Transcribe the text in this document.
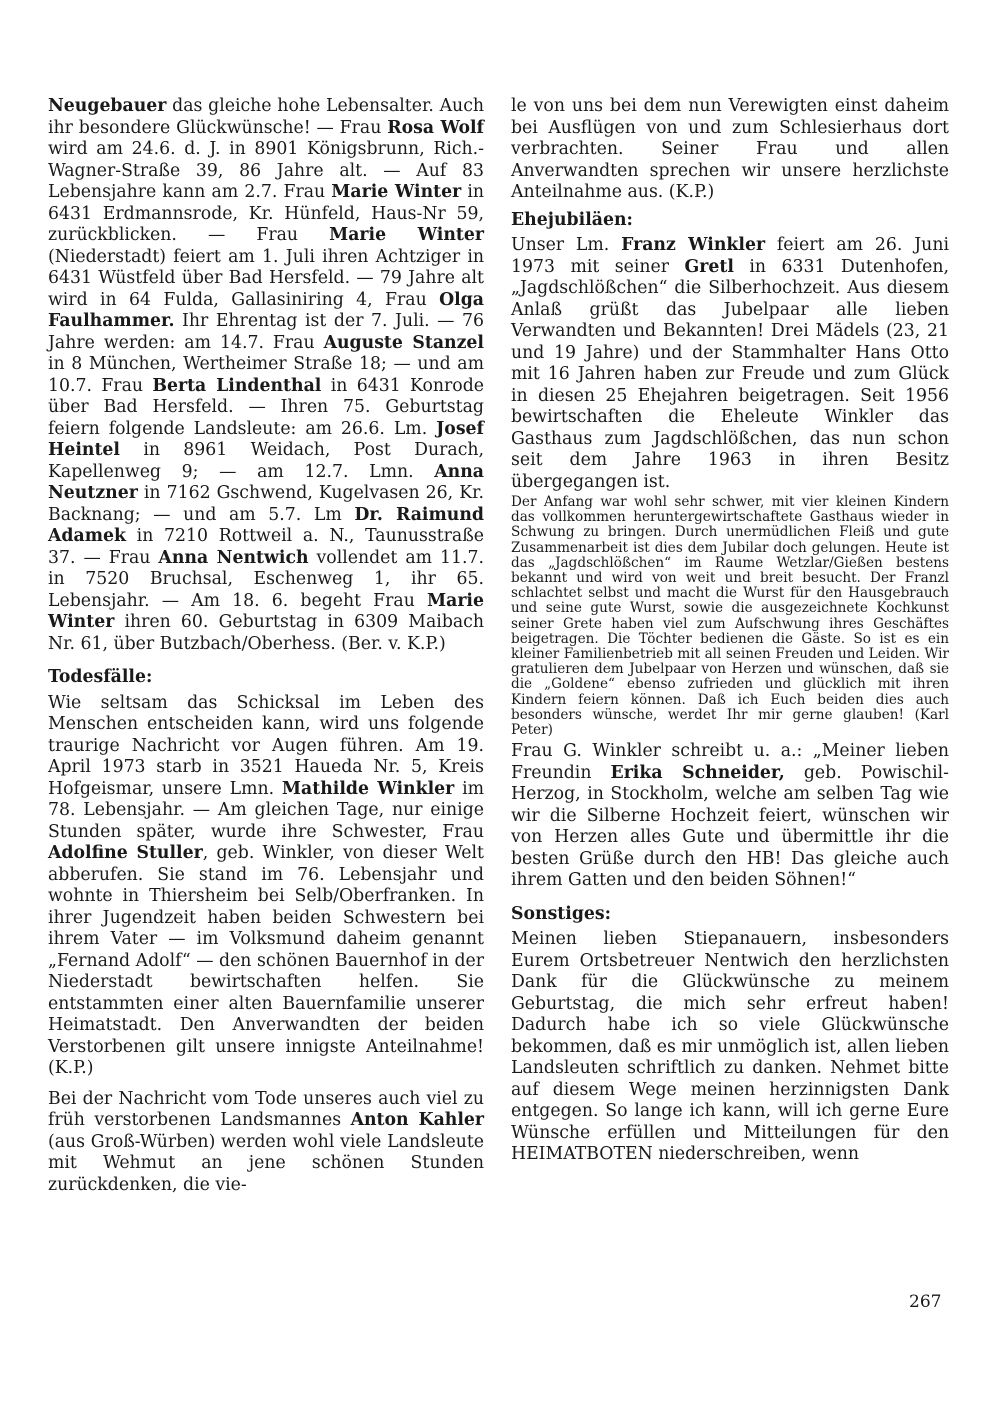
Neugebauer das gleiche hohe Lebensalter. Auch ihr besondere Glückwünsche! — Frau Rosa Wolf wird am 24.6. d. J. in 8901 Königsbrunn, Rich.-Wagner-Straße 39, 86 Jahre alt. — Auf 83 Lebensjahre kann am 2.7. Frau Marie Winter in 6431 Erdmannsrode, Kr. Hünfeld, Haus-Nr 59, zurückblicken. — Frau Marie Winter (Niederstadt) feiert am 1. Juli ihren Achtziger in 6431 Wüstfeld über Bad Hersfeld. — 79 Jahre alt wird in 64 Fulda, Gallasiniring 4, Frau Olga Faulhammer. Ihr Ehrentag ist der 7. Juli. — 76 Jahre werden: am 14.7. Frau Auguste Stanzel in 8 München, Wertheimer Straße 18; — und am 10.7. Frau Berta Lindenthal in 6431 Konrode über Bad Hersfeld. — Ihren 75. Geburtstag feiern folgende Landsleute: am 26.6. Lm. Josef Heintel in 8961 Weidach, Post Durach, Kapellenweg 9; — am 12.7. Lmn. Anna Neutzner in 7162 Gschwend, Kugelvasen 26, Kr. Backnang; — und am 5.7. Lm Dr. Raimund Adamek in 7210 Rottweil a. N., Taunusstraße 37. — Frau Anna Nentwich vollendet am 11.7. in 7520 Bruchsal, Eschenweg 1, ihr 65. Lebensjahr. — Am 18. 6. begeht Frau Marie Winter ihren 60. Geburtstag in 6309 Maibach Nr. 61, über Butzbach/Oberhess. (Ber. v. K.P.)

Todesfälle:

Wie seltsam das Schicksal im Leben des Menschen entscheiden kann, wird uns folgende traurige Nachricht vor Augen führen. Am 19. April 1973 starb in 3521 Haueda Nr. 5, Kreis Hofgeismar, unsere Lmn. Mathilde Winkler im 78. Lebensjahr. — Am gleichen Tage, nur einige Stunden später, wurde ihre Schwester, Frau Adolfine Stuller, geb. Winkler, von dieser Welt abberufen. Sie stand im 76. Lebensjahr und wohnte in Thiersheim bei Selb/Oberfranken. In ihrer Jugendzeit haben beiden Schwestern bei ihrem Vater — im Volksmund daheim genannt „Fernand Adolf“ — den schönen Bauernhof in der Niederstadt bewirtschaften helfen. Sie entstammten einer alten Bauernfamilie unserer Heimatstadt. Den Anverwandten der beiden Verstorbenen gilt unsere innigste Anteilnahme! (K.P.)

Bei der Nachricht vom Tode unseres auch viel zu früh verstorbenen Landsmannes Anton Kahler (aus Groß-Würben) werden wohl viele Landsleute mit Wehmut an jene schönen Stunden zurückdenken, die vie-

le von uns bei dem nun Verewigten einst daheim bei Ausflügen von und zum Schlesierhaus dort verbrachten. Seiner Frau und allen Anverwandten sprechen wir unsere herzlichste Anteilnahme aus. (K.P.)

Ehejubiläen:

Unser Lm. Franz Winkler feiert am 26. Juni 1973 mit seiner Gretl in 6331 Dutenhofen, „Jagdschlößchen“ die Silberhochzeit. Aus diesem Anlaß grüßt das Jubelpaar alle lieben Verwandten und Bekannten! Drei Mädels (23, 21 und 19 Jahre) und der Stammhalter Hans Otto mit 16 Jahren haben zur Freude und zum Glück in diesen 25 Ehejahren beigetragen. Seit 1956 bewirtschaften die Eheleute Winkler das Gasthaus zum Jagdschlößchen, das nun schon seit dem Jahre 1963 in ihren Besitz übergegangen ist.

Der Anfang war wohl sehr schwer, mit vier kleinen Kindern das vollkommen heruntergewirtschaftete Gasthaus wieder in Schwung zu bringen. Durch unermüdlichen Fleiß und gute Zusammenarbeit ist dies dem Jubilar doch gelungen. Heute ist das „Jagdschlößchen“ im Raume Wetzlar/Gießen bestens bekannt und wird von weit und breit besucht. Der Franzl schlachtet selbst und macht die Wurst für den Hausgebrauch und seine gute Wurst, sowie die ausgezeichnete Kochkunst seiner Grete haben viel zum Aufschwung ihres Geschäftes beigetragen. Die Töchter bedienen die Gäste. So ist es ein kleiner Familienbetrieb mit all seinen Freuden und Leiden. Wir gratulieren dem Jubelpaar von Herzen und wünschen, daß sie die „Goldene“ ebenso zufrieden und glücklich mit ihren Kindern feiern können. Daß ich Euch beiden dies auch besonders wünsche, werdet Ihr mir gerne glauben! (Karl Peter)

Frau G. Winkler schreibt u. a.: „Meiner lieben Freundin Erika Schneider, geb. Powischil-Herzog, in Stockholm, welche am selben Tag wie wir die Silberne Hochzeit feiert, wünschen wir von Herzen alles Gute und übermittle ihr die besten Grüße durch den HB! Das gleiche auch ihrem Gatten und den beiden Söhnen!“

Sonstiges:

Meinen lieben Stiepanauern, insbesonders Eurem Ortsbetreuer Nentwich den herzlichsten Dank für die Glückwünsche zu meinem Geburtstag, die mich sehr erfreut haben! Dadurch habe ich so viele Glückwünsche bekommen, daß es mir unmöglich ist, allen lieben Landsleuten schriftlich zu danken. Nehmet bitte auf diesem Wege meinen herzinnigsten Dank entgegen. So lange ich kann, will ich gerne Eure Wünsche erfüllen und Mitteilungen für den HEIMATBOTEN niederschreiben, wenn

267
